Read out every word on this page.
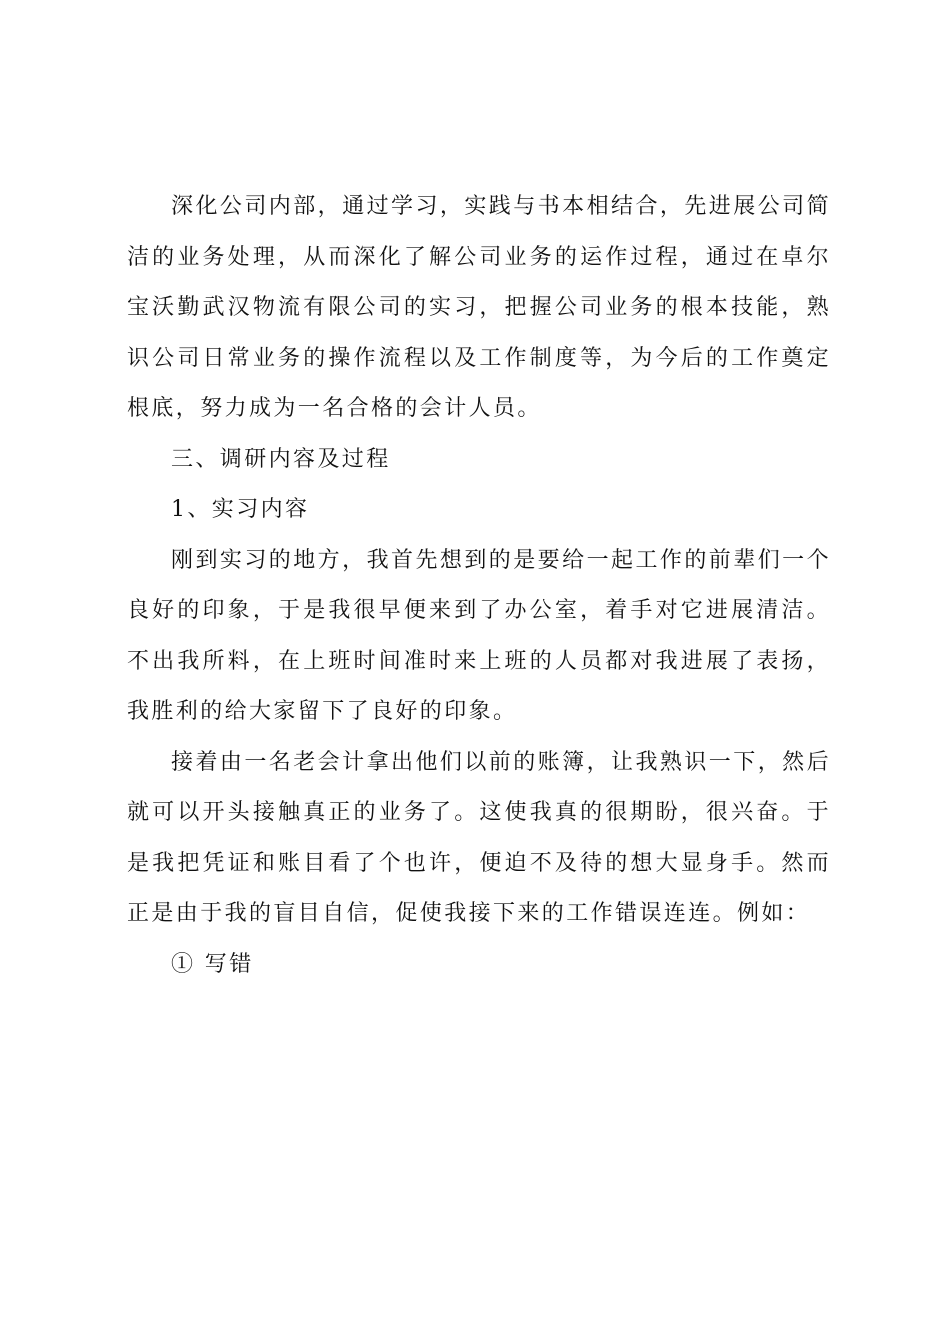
深化公司内部，通过学习，实践与书本相结合，先进展公司简洁的业务处理，从而深化了解公司业务的运作过程，通过在卓尔宝沃勤武汉物流有限公司的实习，把握公司业务的根本技能，熟识公司日常业务的操作流程以及工作制度等，为今后的工作奠定根底，努力成为一名合格的会计人员。

三、调研内容及过程

1、实习内容

刚到实习的地方，我首先想到的是要给一起工作的前辈们一个良好的印象，于是我很早便来到了办公室，着手对它进展清洁。不出我所料，在上班时间准时来上班的人员都对我进展了表扬，我胜利的给大家留下了良好的印象。

接着由一名老会计拿出他们以前的账簿，让我熟识一下，然后就可以开头接触真正的业务了。这使我真的很期盼，很兴奋。于是我把凭证和账目看了个也许，便迫不及待的想大显身手。然而正是由于我的盲目自信，促使我接下来的工作错误连连。例如：

① 写错
